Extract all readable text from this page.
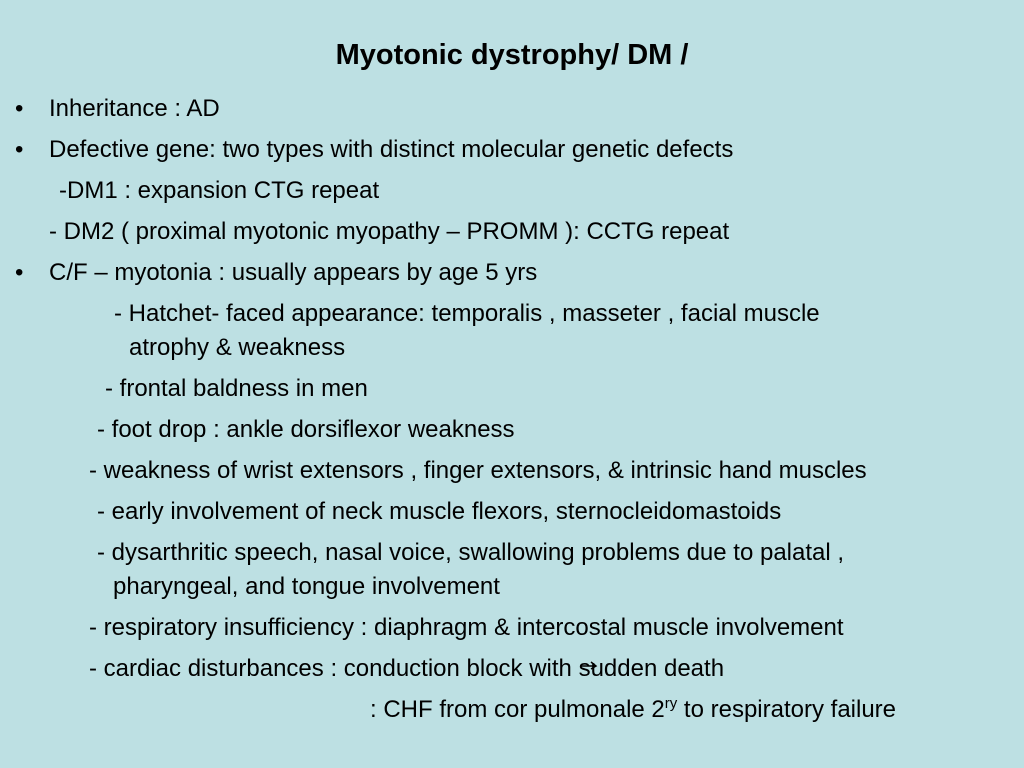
Myotonic dystrophy/ DM /
• Inheritance : AD
• Defective gene: two types with distinct molecular genetic defects
-DM1 : expansion CTG repeat
- DM2 ( proximal myotonic myopathy – PROMM ): CCTG repeat
• C/F – myotonia : usually appears by age 5 yrs
- Hatchet- faced appearance: temporalis , masseter , facial muscle
atrophy & weakness
- frontal baldness in men
- foot drop : ankle dorsiflexor weakness
- weakness of wrist extensors , finger extensors, & intrinsic hand muscles
- early involvement of neck muscle flexors, sternocleidomastoids
- dysarthritic speech, nasal voice, swallowing problems due to palatal ,
pharyngeal, and tongue involvement
- respiratory insufficiency : diaphragm & intercostal muscle involvement
- cardiac disturbances : conduction block with sudden death
: CHF from cor pulmonale $2^{ry}$ to respiratory failure
